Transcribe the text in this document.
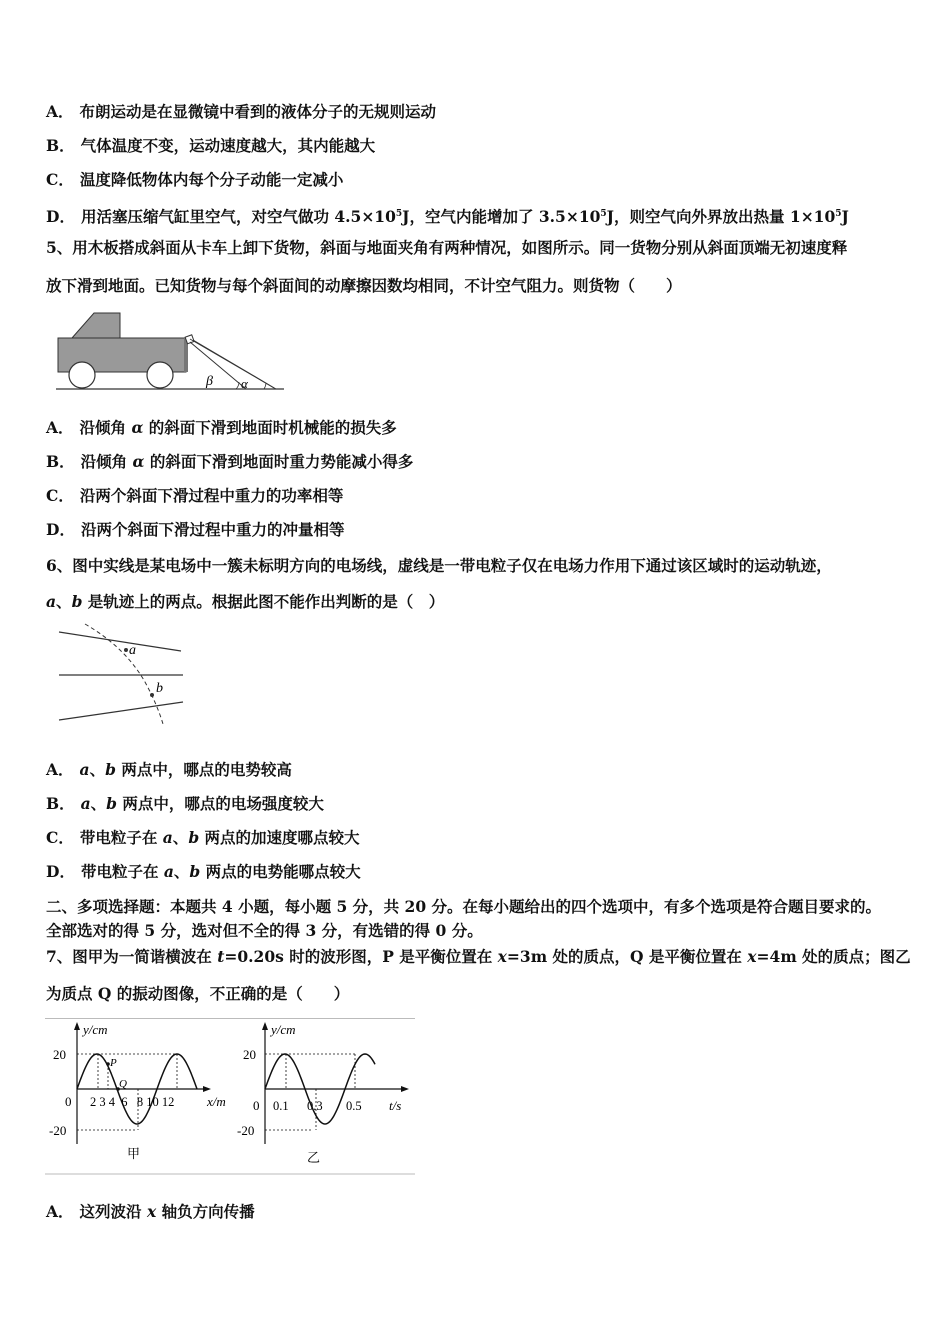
A． 布朗运动是在显微镜中看到的液体分子的无规则运动
B． 气体温度不变，运动速度越大，其内能越大
C． 温度降低物体内每个分子动能一定减小
D． 用活塞压缩气缸里空气，对空气做功 $4.5\times 10^5J$，空气内能增加了 $3.5\times 10^5J$，则空气向外界放出热量 $1\times 10^5J$
5、用木板搭成斜面从卡车上卸下货物，斜面与地面夹角有两种情况，如图所示。同一货物分别从斜面顶端无初速度释
放下滑到地面。已知货物与每个斜面间的动摩擦因数均相同，不计空气阻力。则货物（　　）
β α
A． 沿倾角 α 的斜面下滑到地面时机械能的损失多
B． 沿倾角 α 的斜面下滑到地面时重力势能减小得多
C． 沿两个斜面下滑过程中重力的功率相等
D． 沿两个斜面下滑过程中重力的冲量相等
6、图中实线是某电场中一簇未标明方向的电场线，虚线是一带电粒子仅在电场力作用下通过该区域时的运动轨迹，
a、b 是轨迹上的两点。根据此图不能作出判断的是（　）
a
b
A． a、b 两点中，哪点的电势较高
B． a、b 两点中，哪点的电场强度较大
C． 带电粒子在 a、b 两点的加速度哪点较大
D． 带电粒子在 a、b 两点的电势能哪点较大
二、多项选择题：本题共 4 小题，每小题 5 分，共 20 分。在每小题给出的四个选项中，有多个选项是符合题目要求的。
全部选对的得 5 分，选对但不全的得 3 分，有选错的得 0 分。
7、图甲为一简谐横波在 t=0.20s 时的波形图，P 是平衡位置在 x=3m 处的质点，Q 是平衡位置在 x=4m 处的质点；图乙
为质点 Q 的振动图像，不正确的是（　　）
y/cm
20
-20
0 2 3 4  6   8 10 12	x/m
P
Q
甲
y/cm
20
-20
0 0.1 0.3 0.5 t/s
乙
A． 这列波沿 x 轴负方向传播
